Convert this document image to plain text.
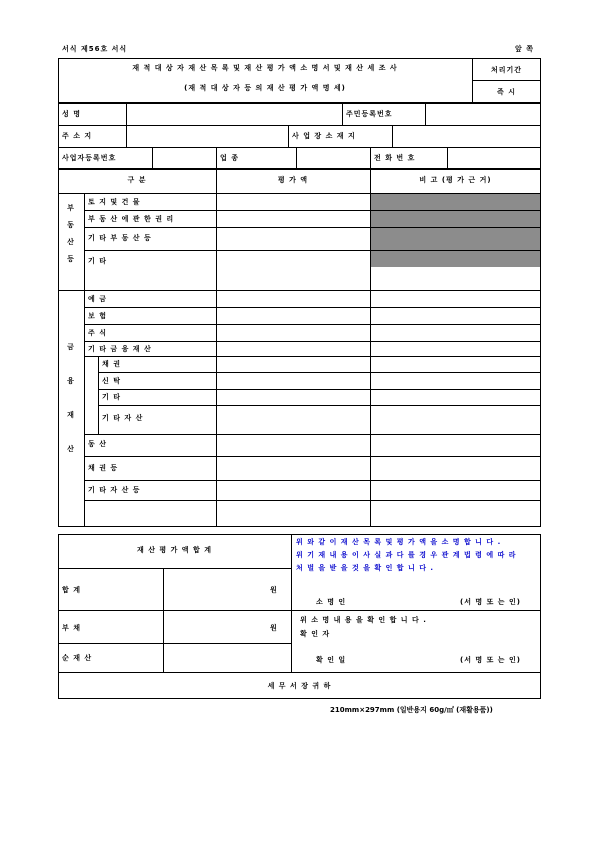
서식 제56호 서식	앞 쪽
재 적 대 상 자 재 산 목 록 및 재 산 평 가 액 소 명 서 및 재 산 세 조 사
(재 적 대 상 자 등 의 재 산 평 가 액 명 세)
처리기간
즉 시
성 명	주민등록번호
주 소 지	사 업 장 소 재 지
사업자등록번호	업 종	전 화 번 호
구 분	평 가 액	비 고 (평 가 근 거)
부 동 산 등
토 지 및 건 물
부 동 산 에 관 한 권 리
기 타 부 동 산 등
기 타
금 융 재 산
예 금
보 험
주 식
기 타 금 융 재 산
채 권
신 탁
기 타
기 타 자 산
동 산
채 권 등
기 타 자 산 등
재 산 평 가 액 합 계
합 계	원
부 채	원
순 재 산
위 와 같 이 재 산 목 록 및 평 가 액 을 소 명 합 니 다 .
위 기 재 내 용 이 사 실 과 다 를 경 우 관 계 법 령 에 따 라
처 벌 을 받 을 것 을 확 인 합 니 다 .
소 명 인	(서 명 또 는 인)
위 소 명 내 용 을 확 인 합 니 다 .
확 인 자
확 인 일	(서 명 또 는 인)
세 무 서 장 귀 하
210mm×297mm (일반용지 60g/㎡ (재활용품))
